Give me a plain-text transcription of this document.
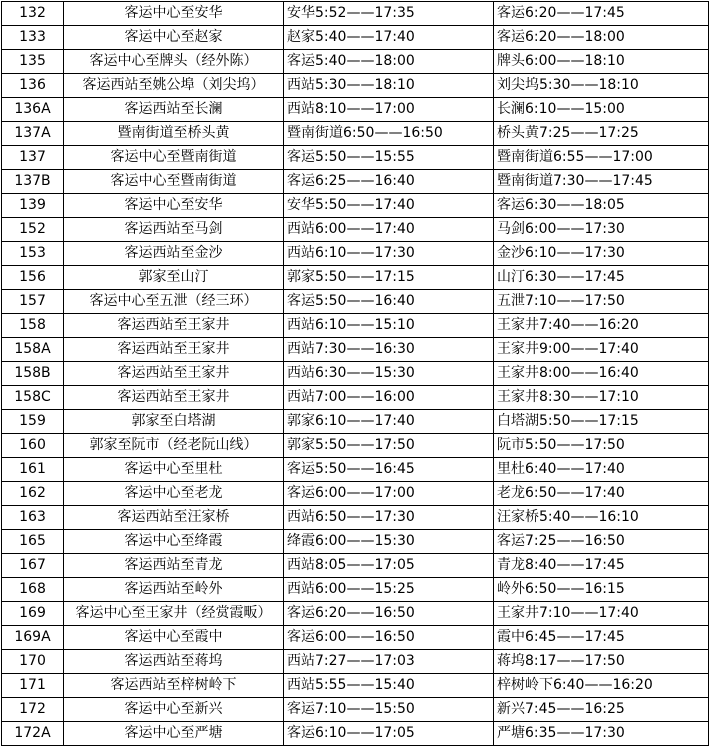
132	客运中心至安华	安华5:52——17:35	客运6:20——17:45
133	客运中心至赵家	赵家5:40——17:40	客运6:20——18:00
135	客运中心至牌头（经外陈）	客运5:40——18:00	牌头6:00——18:10
136	客运西站至姚公埠（刘尖坞）	西站5:30——18:10	刘尖坞5:30——18:10
136A	客运西站至长澜	西站8:10——17:00	长澜6:10——15:00
137A	暨南街道至桥头黄	暨南街道6:50——16:50	桥头黄7:25——17:25
137	客运中心至暨南街道	客运5:50——15:55	暨南街道6:55——17:00
137B	客运中心至暨南街道	客运6:25——16:40	暨南街道7:30——17:45
139	客运中心至安华	安华5:50——17:40	客运6:30——18:05
152	客运西站至马剑	西站6:00——17:40	马剑6:00——17:30
153	客运西站至金沙	西站6:10——17:30	金沙6:10——17:30
156	郭家至山汀	郭家5:50——17:15	山汀6:30——17:45
157	客运中心至五泄（经三环）	客运5:50——16:40	五泄7:10——17:50
158	客运西站至王家井	西站6:10——15:10	王家井7:40——16:20
158A	客运西站至王家井	西站7:30——16:30	王家井9:00——17:40
158B	客运西站至王家井	西站6:30——15:30	王家井8:00——16:40
158C	客运西站至王家井	西站7:00——16:00	王家井8:30——17:10
159	郭家至白塔湖	郭家6:10——17:40	白塔湖5:50——17:15
160	郭家至阮市（经老阮山线）	郭家5:50——17:50	阮市5:50——17:50
161	客运中心至里杜	客运5:50——16:45	里杜6:40——17:40
162	客运中心至老龙	客运6:00——17:00	老龙6:50——17:40
163	客运西站至汪家桥	西站6:50——17:30	汪家桥5:40——16:10
165	客运中心至绛霞	绛霞6:00——15:30	客运7:25——16:50
167	客运西站至青龙	西站8:05——17:05	青龙8:40——17:45
168	客运西站至岭外	西站6:00——15:25	岭外6:50——16:15
169	客运中心至王家井（经赏霞畈）	客运6:20——16:50	王家井7:10——17:40
169A	客运中心至霞中	客运6:00——16:50	霞中6:45——17:45
170	客运西站至蒋坞	西站7:27——17:03	蒋坞8:17——17:50
171	客运西站至梓树岭下	西站5:55——15:40	梓树岭下6:40——16:20
172	客运中心至新兴	客运7:10——15:50	新兴7:45——16:25
172A	客运中心至严塘	客运6:10——17:05	严塘6:35——17:30
